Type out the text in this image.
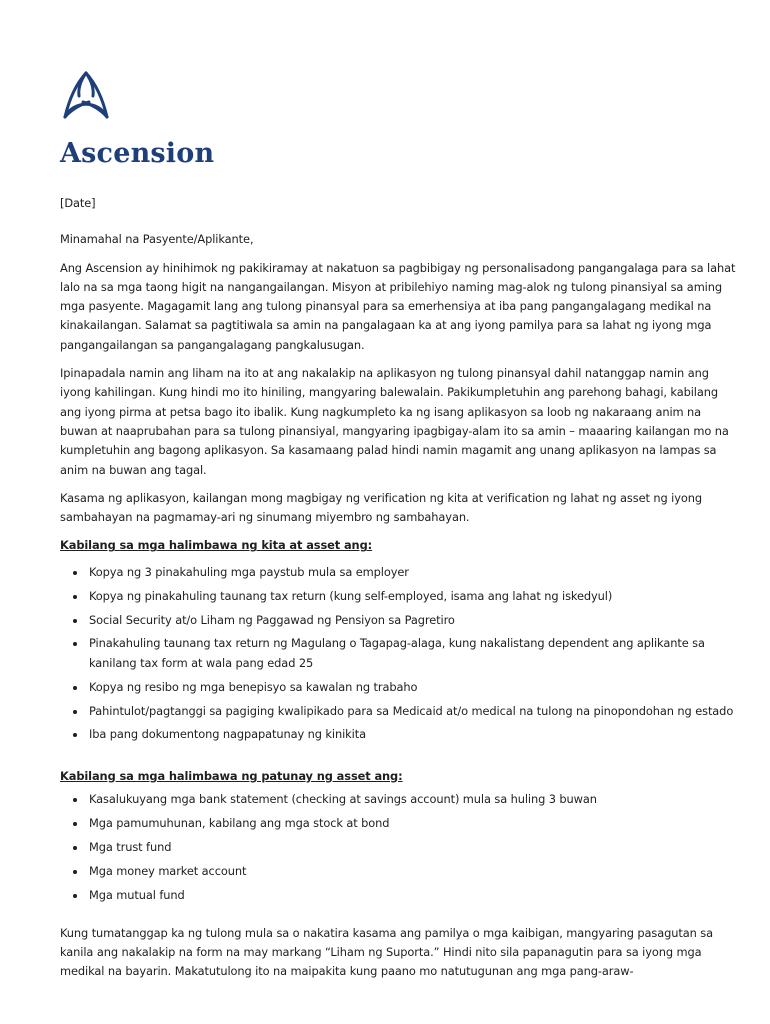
Ascension

[Date]

Minamahal na Pasyente/Aplikante,

Ang Ascension ay hinihimok ng pakikiramay at nakatuon sa pagbibigay ng personalisadong pangangalaga para sa lahat lalo na sa mga taong higit na nangangailangan. Misyon at pribilehiyo naming mag-alok ng tulong pinansiyal sa aming mga pasyente. Magagamit lang ang tulong pinansyal para sa emerhensiya at iba pang pangangalagang medikal na kinakailangan. Salamat sa pagtitiwala sa amin na pangalagaan ka at ang iyong pamilya para sa lahat ng iyong mga pangangailangan sa pangangalagang pangkalusugan.

Ipinapadala namin ang liham na ito at ang nakalakip na aplikasyon ng tulong pinansyal dahil natanggap namin ang iyong kahilingan. Kung hindi mo ito hiniling, mangyaring balewalain. Pakikumpletuhin ang parehong bahagi, kabilang ang iyong pirma at petsa bago ito ibalik. Kung nagkumpleto ka ng isang aplikasyon sa loob ng nakaraang anim na buwan at naaprubahan para sa tulong pinansiyal, mangyaring ipagbigay-alam ito sa amin – maaaring kailangan mo na kumpletuhin ang bagong aplikasyon. Sa kasamaang palad hindi namin magamit ang unang aplikasyon na lampas sa anim na buwan ang tagal.

Kasama ng aplikasyon, kailangan mong magbigay ng verification ng kita at verification ng lahat ng asset ng iyong sambahayan na pagmamay-ari ng sinumang miyembro ng sambahayan.

Kabilang sa mga halimbawa ng kita at asset ang:

Kopya ng 3 pinakahuling mga paystub mula sa employer
Kopya ng pinakahuling taunang tax return (kung self-employed, isama ang lahat ng iskedyul)
Social Security at/o Liham ng Paggawad ng Pensiyon sa Pagretiro
Pinakahuling taunang tax return ng Magulang o Tagapag-alaga, kung nakalistang dependent ang aplikante sa kanilang tax form at wala pang edad 25
Kopya ng resibo ng mga benepisyo sa kawalan ng trabaho
Pahintulot/pagtanggi sa pagiging kwalipikado para sa Medicaid at/o medical na tulong na pinopondohan ng estado
Iba pang dokumentong nagpapatunay ng kinikita

Kabilang sa mga halimbawa ng patunay ng asset ang:

Kasalukuyang mga bank statement (checking at savings account) mula sa huling 3 buwan
Mga pamumuhunan, kabilang ang mga stock at bond
Mga trust fund
Mga money market account
Mga mutual fund

Kung tumatanggap ka ng tulong mula sa o nakatira kasama ang pamilya o mga kaibigan, mangyaring pasagutan sa kanila ang nakalakip na form na may markang “Liham ng Suporta.” Hindi nito sila papanagutin para sa iyong mga medikal na bayarin. Makatutulong ito na maipakita kung paano mo natutugunan ang mga pang-araw-
